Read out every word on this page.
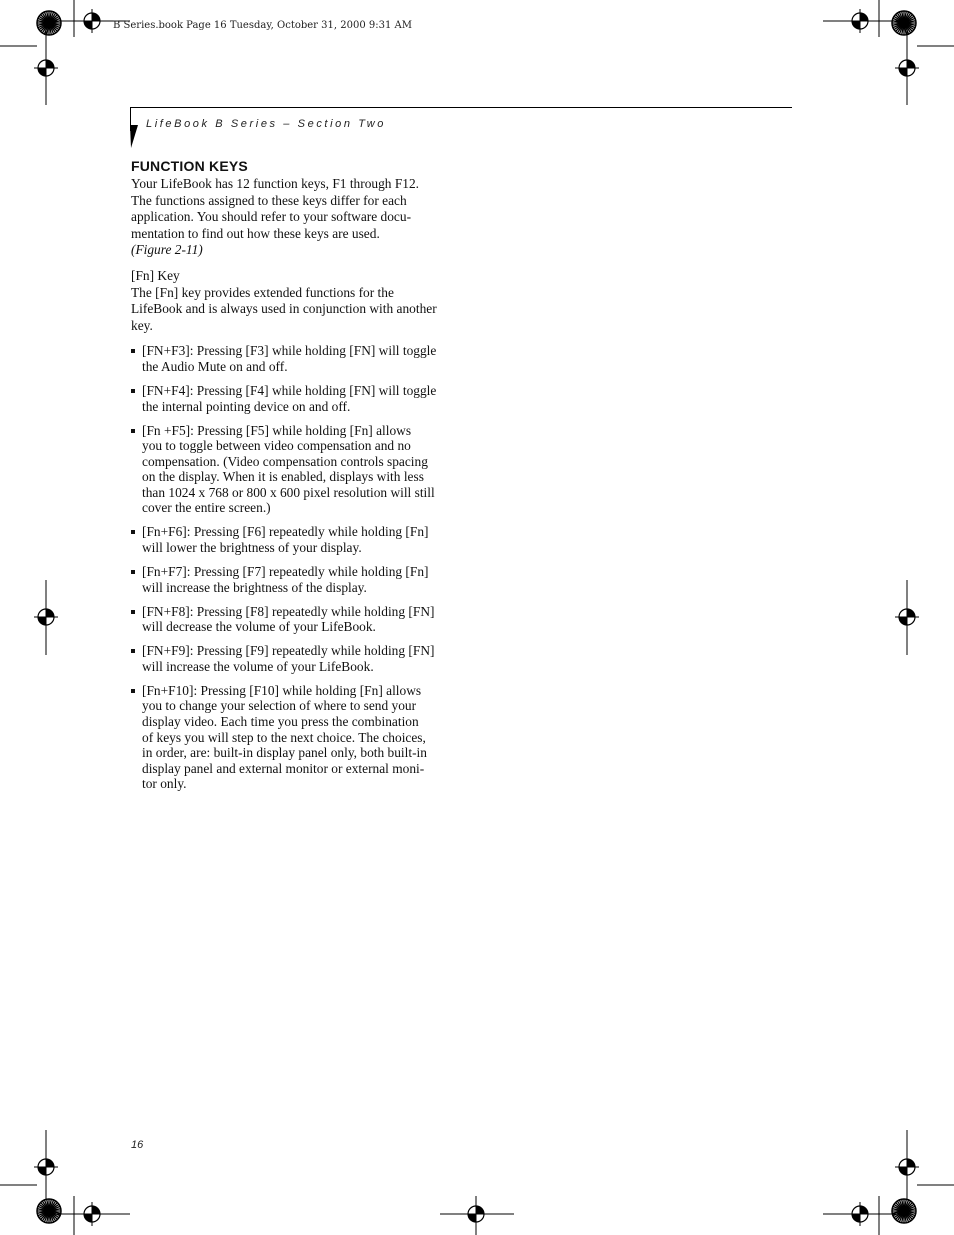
B Series.book Page 16 Tuesday, October 31, 2000 9:31 AM
LifeBook B Series – Section Two
FUNCTION KEYS
Your LifeBook has 12 function keys, F1 through F12.
The functions assigned to these keys differ for each
application. You should refer to your software docu-
mentation to find out how these keys are used.
(Figure 2-11)
[Fn] Key
The [Fn] key provides extended functions for the
LifeBook and is always used in conjunction with another
key.
[FN+F3]: Pressing [F3] while holding [FN] will toggle
the Audio Mute on and off.
[FN+F4]: Pressing [F4] while holding [FN] will toggle
the internal pointing device on and off.
[Fn +F5]: Pressing [F5] while holding [Fn] allows
you to toggle between video compensation and no
compensation. (Video compensation controls spacing
on the display. When it is enabled, displays with less
than 1024 x 768 or 800 x 600 pixel resolution will still
cover the entire screen.)
[Fn+F6]: Pressing [F6] repeatedly while holding [Fn]
will lower the brightness of your display.
[Fn+F7]: Pressing [F7] repeatedly while holding [Fn]
will increase the brightness of the display.
[FN+F8]: Pressing [F8] repeatedly while holding [FN]
will decrease the volume of your LifeBook.
[FN+F9]: Pressing [F9] repeatedly while holding [FN]
will increase the volume of your LifeBook.
[Fn+F10]: Pressing [F10] while holding [Fn] allows
you to change your selection of where to send your
display video. Each time you press the combination
of keys you will step to the next choice. The choices,
in order, are: built-in display panel only, both built-in
display panel and external monitor or external moni-
tor only.
16
